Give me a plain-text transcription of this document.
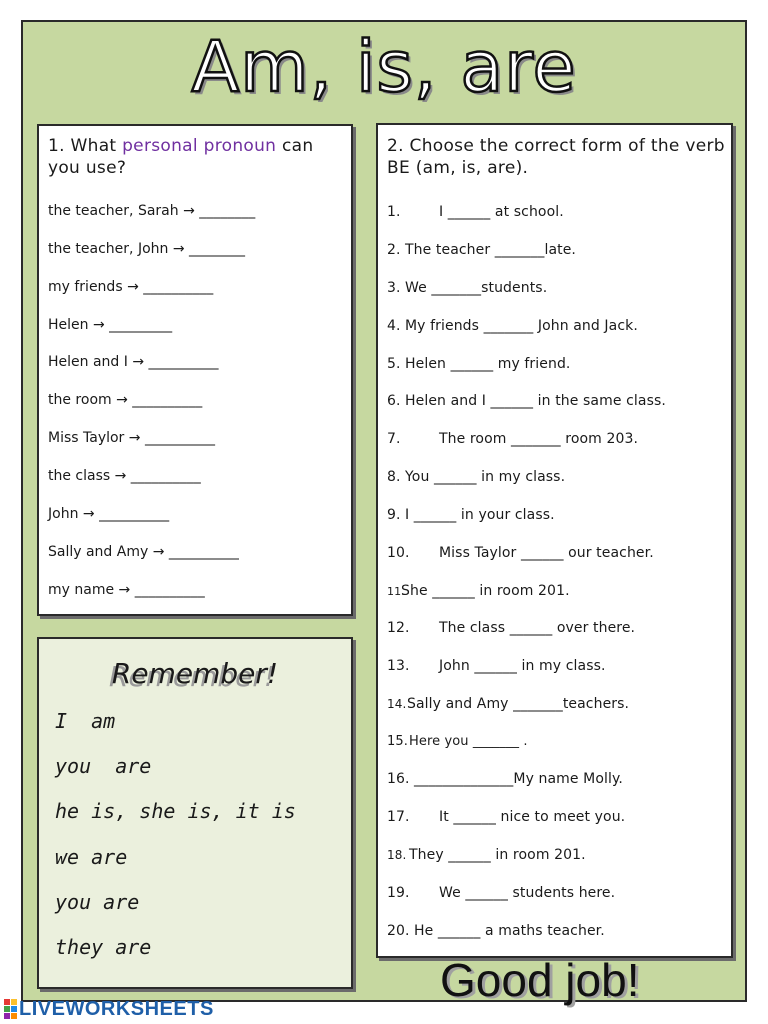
Am, is, are
1. What personal pronoun can you use?
the teacher, Sarah → ________
the teacher, John → ________
my friends → __________
Helen → _________
Helen and I → __________
the room → __________
Miss Taylor → __________
the class → __________
John → __________
Sally and Amy → __________
my name → __________
2. Choose the correct form of the verb BE (am, is, are).
1.	I ______ at school.
2. The teacher _______late.
3. We _______students.
4. My friends _______ John and Jack.
5. Helen ______ my friend.
6. Helen and I ______ in the same class.
7.	The room _______ room 203.
8. You ______ in my class.
9. I ______ in your class.
10. Miss Taylor ______ our teacher.
11.She ______ in room 201.
12. The class ______ over there.
13. John ______ in my class.
14.Sally and Amy _______teachers.
15.Here you _______ .
16. ______________My name Molly.
17. It ______ nice to meet you.
18. They ______ in room 201.
19. We ______ students here.
20. He ______ a maths teacher.
Remember!
I  am
you  are
he is, she is, it is
we are
you are
they are
Good job!
LIVEWORKSHEETS
